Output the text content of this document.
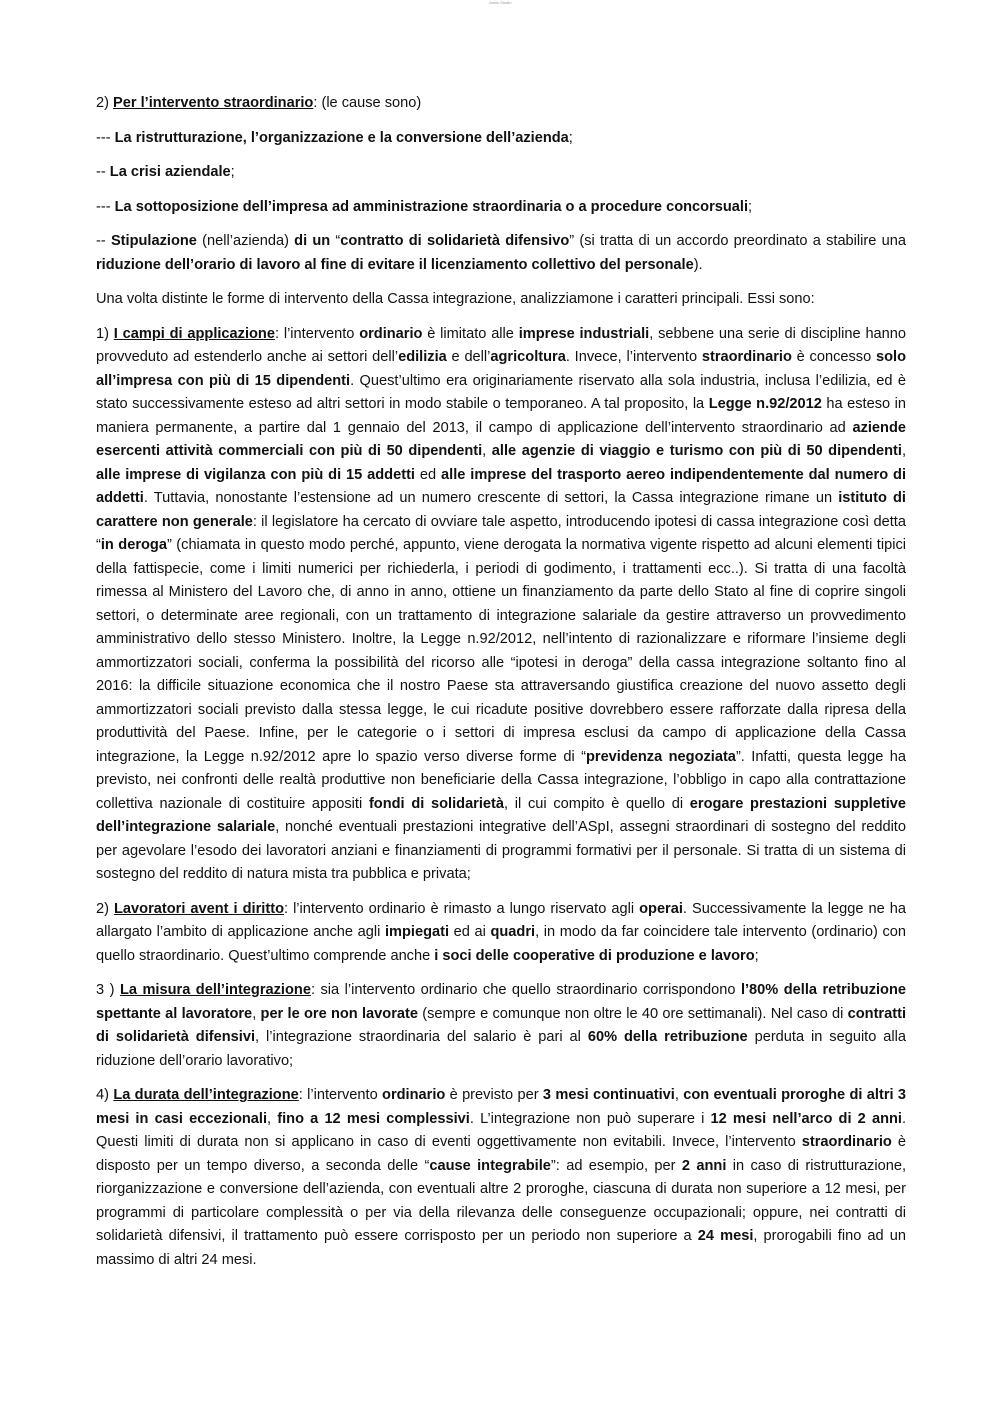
Jarvis Studio

2) Per l’intervento straordinario: (le cause sono)

--- La ristrutturazione, l’organizzazione e la conversione dell’azienda;

-- La crisi aziendale;

--- La sottoposizione dell’impresa ad amministrazione straordinaria o a procedure concorsuali;

-- Stipulazione (nell’azienda) di un “contratto di solidarietà difensivo” (si tratta di un accordo preordinato a stabilire una riduzione dell’orario di lavoro al fine di evitare il licenziamento collettivo del personale).

Una volta distinte le forme di intervento della Cassa integrazione, analizziamone i caratteri principali. Essi sono:

1) I campi di applicazione: l’intervento ordinario è limitato alle imprese industriali, sebbene una serie di discipline hanno provveduto ad estenderlo anche ai settori dell’edilizia e dell’agricoltura. Invece, l’intervento straordinario è concesso solo all’impresa con più di 15 dipendenti. Quest’ultimo era originariamente riservato alla sola industria, inclusa l’edilizia, ed è stato successivamente esteso ad altri settori in modo stabile o temporaneo. A tal proposito, la Legge n.92/2012 ha esteso in maniera permanente, a partire dal 1 gennaio del 2013, il campo di applicazione dell’intervento straordinario ad aziende esercenti attività commerciali con più di 50 dipendenti, alle agenzie di viaggio e turismo con più di 50 dipendenti, alle imprese di vigilanza con più di 15 addetti ed alle imprese del trasporto aereo indipendentemente dal numero di addetti. Tuttavia, nonostante l’estensione ad un numero crescente di settori, la Cassa integrazione rimane un istituto di carattere non generale: il legislatore ha cercato di ovviare tale aspetto, introducendo ipotesi di cassa integrazione così detta “in deroga” (chiamata in questo modo perché, appunto, viene derogata la normativa vigente rispetto ad alcuni elementi tipici della fattispecie, come i limiti numerici per richiederla, i periodi di godimento, i trattamenti ecc..). Si tratta di una facoltà rimessa al Ministero del Lavoro che, di anno in anno, ottiene un finanziamento da parte dello Stato al fine di coprire singoli settori, o determinate aree regionali, con un trattamento di integrazione salariale da gestire attraverso un provvedimento amministrativo dello stesso Ministero. Inoltre, la Legge n.92/2012, nell’intento di razionalizzare e riformare l’insieme degli ammortizzatori sociali, conferma la possibilità del ricorso alle “ipotesi in deroga” della cassa integrazione soltanto fino al 2016: la difficile situazione economica che il nostro Paese sta attraversando giustifica creazione del nuovo assetto degli ammortizzatori sociali previsto dalla stessa legge, le cui ricadute positive dovrebbero essere rafforzate dalla ripresa della produttività del Paese. Infine, per le categorie o i settori di impresa esclusi da campo di applicazione della Cassa integrazione, la Legge n.92/2012 apre lo spazio verso diverse forme di “previdenza negoziata”. Infatti, questa legge ha previsto, nei confronti delle realtà produttive non beneficiarie della Cassa integrazione, l’obbligo in capo alla contrattazione collettiva nazionale di costituire appositi fondi di solidarietà, il cui compito è quello di erogare prestazioni suppletive dell’integrazione salariale, nonché eventuali prestazioni integrative dell’ASpI, assegni straordinari di sostegno del reddito per agevolare l’esodo dei lavoratori anziani e finanziamenti di programmi formativi per il personale. Si tratta di un sistema di sostegno del reddito di natura mista tra pubblica e privata;

2) Lavoratori avent i diritto: l’intervento ordinario è rimasto a lungo riservato agli operai. Successivamente la legge ne ha allargato l’ambito di applicazione anche agli impiegati ed ai quadri, in modo da far coincidere tale intervento (ordinario) con quello straordinario. Quest’ultimo comprende anche i soci delle cooperative di produzione e lavoro;

3 ) La misura dell’integrazione: sia l’intervento ordinario che quello straordinario corrispondono l’80% della retribuzione spettante al lavoratore, per le ore non lavorate (sempre e comunque non oltre le 40 ore settimanali). Nel caso di contratti di solidarietà difensivi, l’integrazione straordinaria del salario è pari al 60% della retribuzione perduta in seguito alla riduzione dell’orario lavorativo;

4) La durata dell’integrazione: l’intervento ordinario è previsto per 3 mesi continuativi, con eventuali proroghe di altri 3 mesi in casi eccezionali, fino a 12 mesi complessivi. L’integrazione non può superare i 12 mesi nell’arco di 2 anni. Questi limiti di durata non si applicano in caso di eventi oggettivamente non evitabili. Invece, l’intervento straordinario è disposto per un tempo diverso, a seconda delle “cause integrabile”: ad esempio, per 2 anni in caso di ristrutturazione, riorganizzazione e conversione dell’azienda, con eventuali altre 2 proroghe, ciascuna di durata non superiore a 12 mesi, per programmi di particolare complessità o per via della rilevanza delle conseguenze occupazionali; oppure, nei contratti di solidarietà difensivi, il trattamento può essere corrisposto per un periodo non superiore a 24 mesi, prorogabili fino ad un massimo di altri 24 mesi.
